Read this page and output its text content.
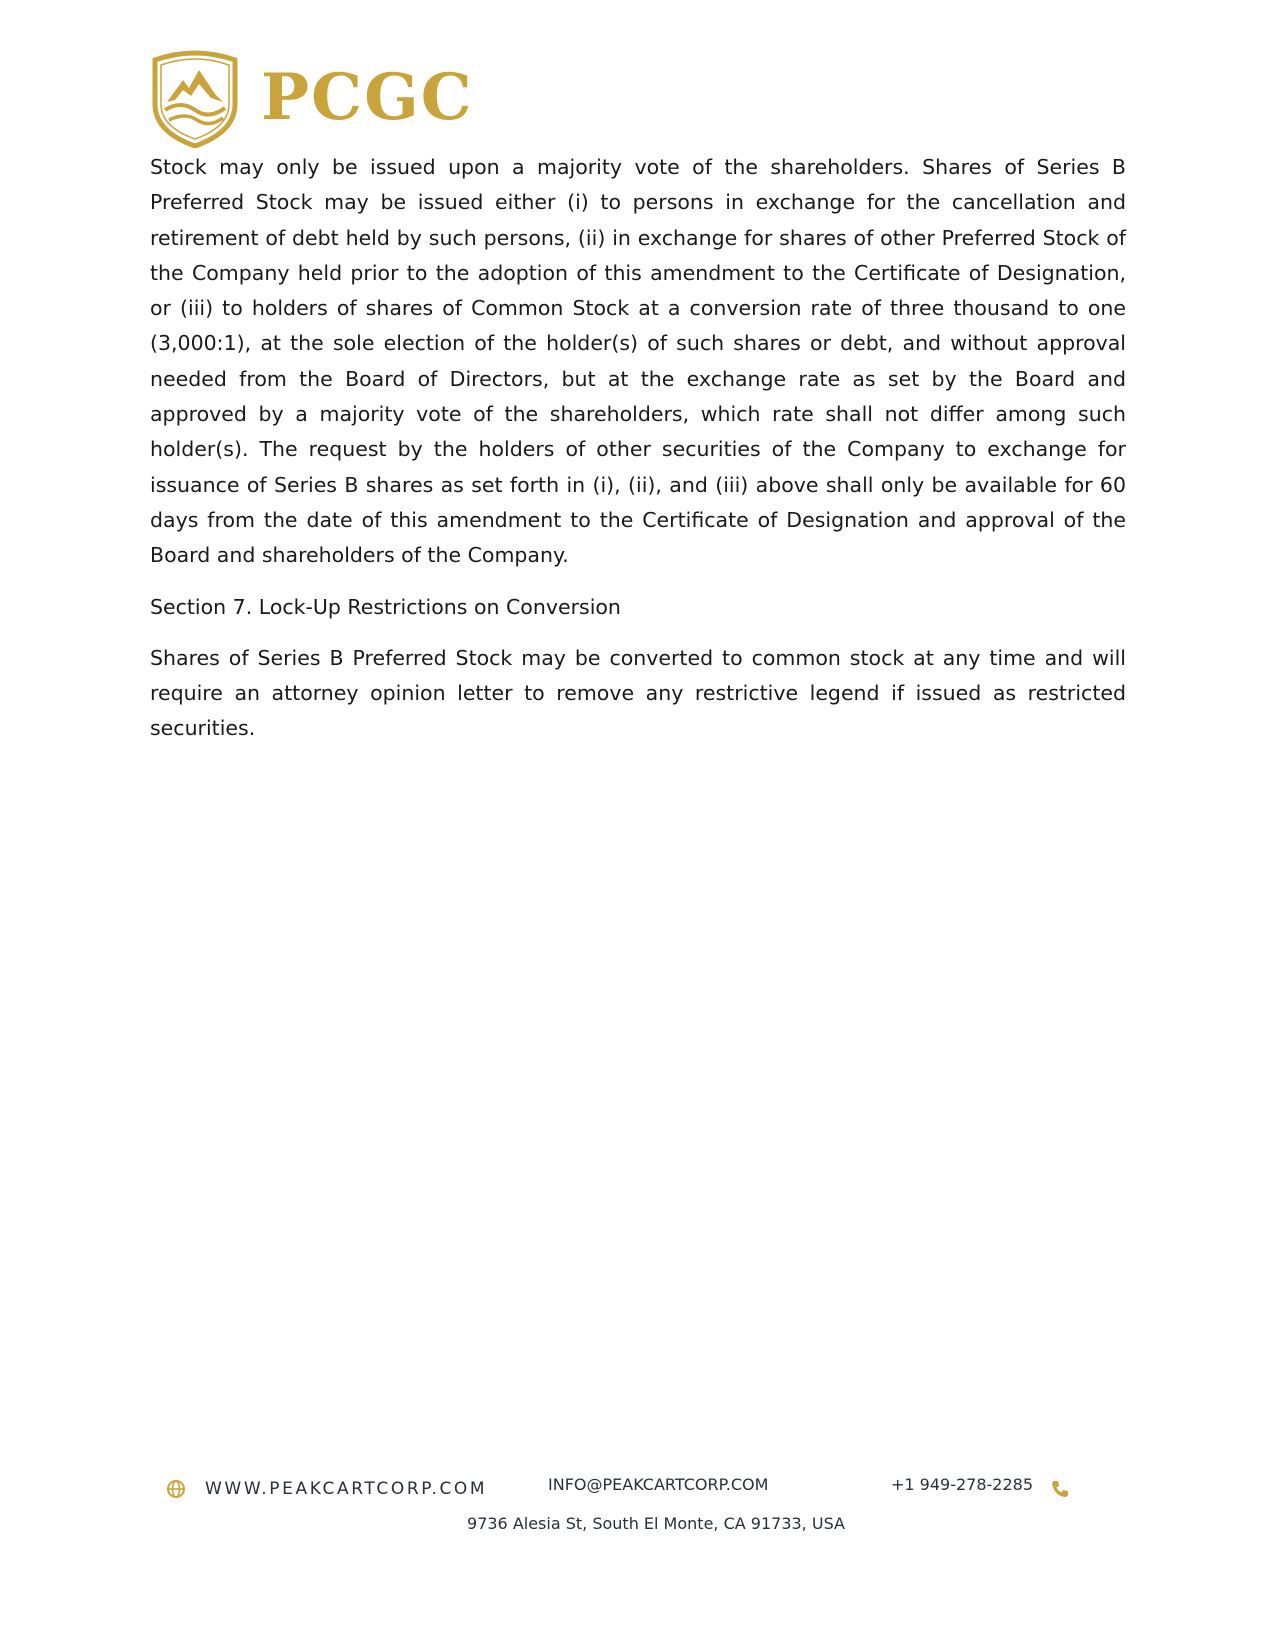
PCGC

Stock may only be issued upon a majority vote of the shareholders. Shares of Series B Preferred Stock may be issued either (i) to persons in exchange for the cancellation and retirement of debt held by such persons, (ii) in exchange for shares of other Preferred Stock of the Company held prior to the adoption of this amendment to the Certificate of Designation, or (iii) to holders of shares of Common Stock at a conversion rate of three thousand to one (3,000:1), at the sole election of the holder(s) of such shares or debt, and without approval needed from the Board of Directors, but at the exchange rate as set by the Board and approved by a majority vote of the shareholders, which rate shall not differ among such holder(s). The request by the holders of other securities of the Company to exchange for issuance of Series B shares as set forth in (i), (ii), and (iii) above shall only be available for 60 days from the date of this amendment to the Certificate of Designation and approval of the Board and shareholders of the Company.

Section 7. Lock-Up Restrictions on Conversion

Shares of Series B Preferred Stock may be converted to common stock at any time and will require an attorney opinion letter to remove any restrictive legend if issued as restricted securities.

WWW.PEAKCARTCORP.COM	INFO@PEAKCARTCORP.COM	+1 949-278-2285
9736 Alesia St, South El Monte, CA 91733, USA
